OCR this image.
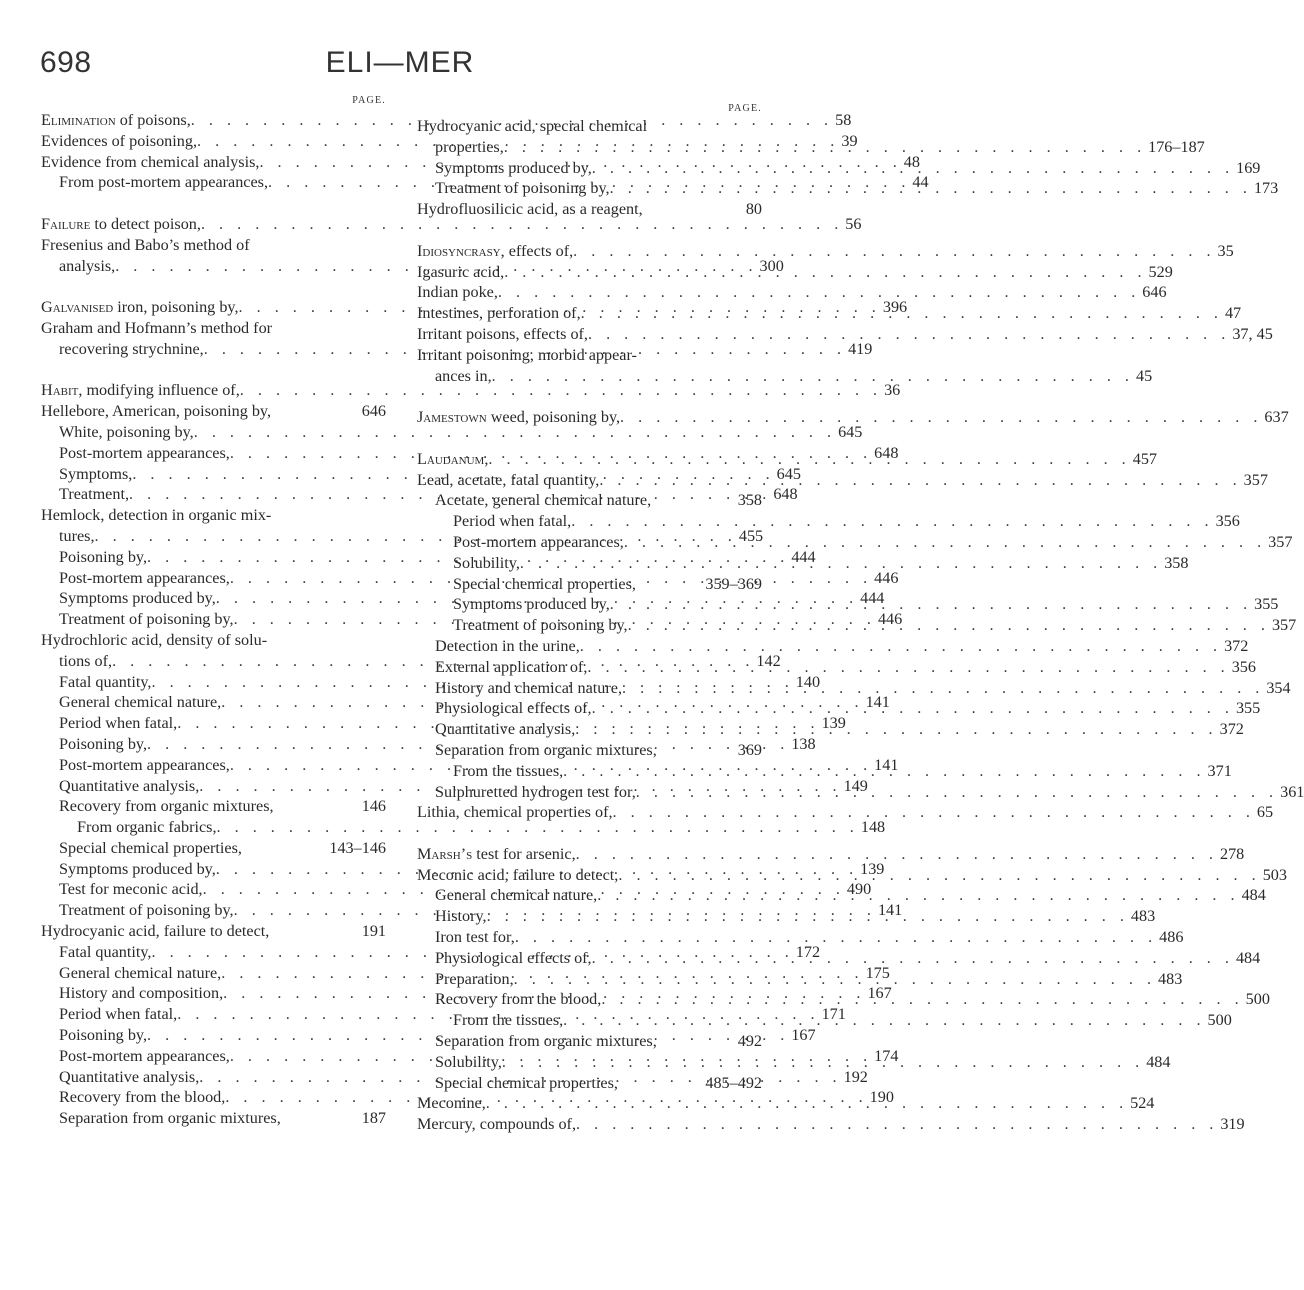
698	ELI—MER
PAGE.
Elimination of poisons, . . .	58
Evidences of poisoning, . . .	39
Evidence from chemical analysis, . . .	48
From post-mortem appearances, . . .	44
Failure to detect poison, . . .	56
Fresenius and Babo’s method of
analysis, . . .	300
Galvanised iron, poisoning by, . . .	396
Graham and Hofmann’s method for
recovering strychnine, . . .	419
Habit, modifying influence of, . . .	36
Hellebore, American, poisoning by,	646
White, poisoning by, . . .	645
Post-mortem appearances, . . .	648
Symptoms, . . .	645
Treatment, . . .	648
Hemlock, detection in organic mix-
tures, . . .	455
Poisoning by, . . .	444
Post-mortem appearances, . . .	446
Symptoms produced by, . . .	444
Treatment of poisoning by, . . .	446
Hydrochloric acid, density of solu-
tions of, . . .	142
Fatal quantity, . . .	140
General chemical nature, . . .	141
Period when fatal, . . .	139
Poisoning by, . . .	138
Post-mortem appearances, . . .	141
Quantitative analysis, . . .	149
Recovery from organic mixtures,	146
From organic fabrics, . . .	148
Special chemical properties,	143–146
Symptoms produced by, . . .	139
Test for meconic acid, . . .	490
Treatment of poisoning by, . . .	141
Hydrocyanic acid, failure to detect,	191
Fatal quantity, . . .	172
General chemical nature, . . .	175
History and composition, . . .	167
Period when fatal, . . .	171
Poisoning by, . . .	167
Post-mortem appearances, . . .	174
Quantitative analysis, . . .	192
Recovery from the blood, . . .	190
Separation from organic mixtures,	187
PAGE.
Hydrocyanic acid, special chemical
properties, . . .	176–187
Symptoms produced by, . . .	169
Treatment of poisoning by, . . .	173
Hydrofluosilicic acid, as a reagent,	80
Idiosyncrasy, effects of, . . .	35
Igasuric acid, . . .	529
Indian poke, . . .	646
Intestines, perforation of, . . .	47
Irritant poisons, effects of, . . .	37, 45
Irritant poisoning, morbid appear-
ances in, . . .	45
Jamestown weed, poisoning by, . . .	637
Laudanum, . . .	457
Lead, acetate, fatal quantity, . . .	357
Acetate, general chemical nature,	358
Period when fatal, . . .	356
Post-mortem appearances, . . .	357
Solubility, . . .	358
Special chemical properties,	359–369
Symptoms produced by, . . .	355
Treatment of poisoning by, . . .	357
Detection in the urine, . . .	372
External application of, . . .	356
History and chemical nature, . . .	354
Physiological effects of, . . .	355
Quantitative analysis, . . .	372
Separation from organic mixtures,	369
From the tissues, . . .	371
Sulphuretted hydrogen test for, . . .	361
Lithia, chemical properties of, . . .	65
Marsh’s test for arsenic, . . .	278
Meconic acid, failure to detect, . . .	503
General chemical nature, . . .	484
History, . . .	483
Iron test for, . . .	486
Physiological effects of, . . .	484
Preparation, . . .	483
Recovery from the blood, . . .	500
From the tissues, . . .	500
Separation from organic mixtures,	492
Solubility, . . .	484
Special chemical properties,	485–492
Meconine, . . .	524
Mercury, compounds of, . . .	319
